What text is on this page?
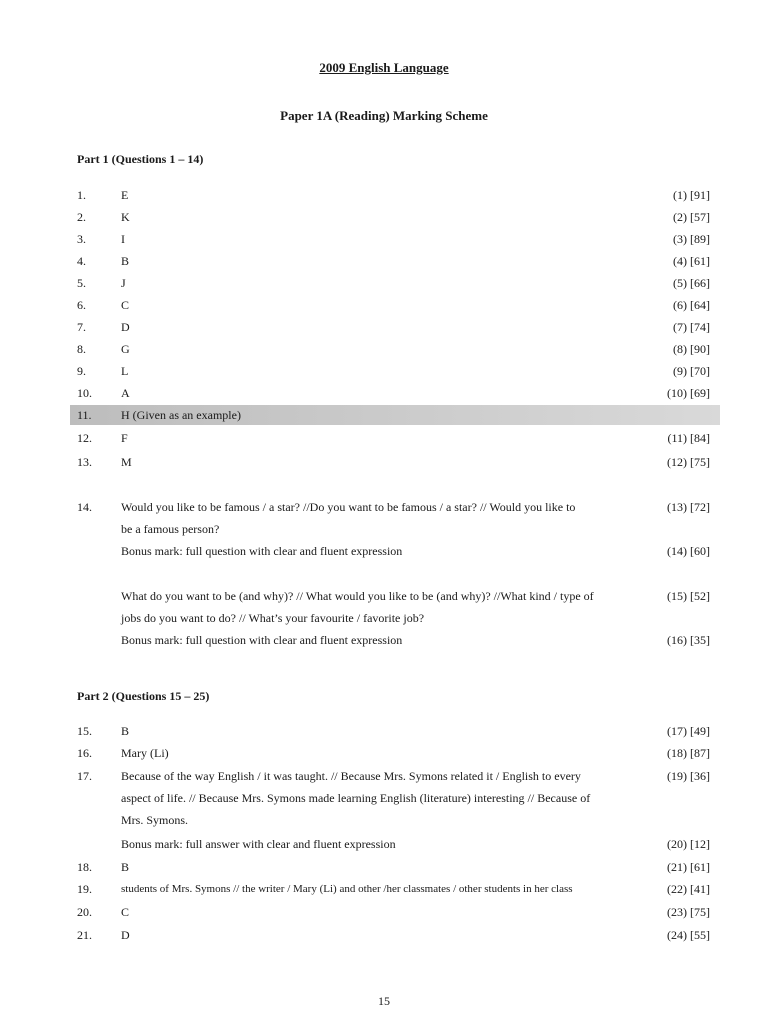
2009 English Language
Paper 1A (Reading) Marking Scheme
Part 1 (Questions 1 – 14)
1.	E	(1) [91]
2.	K	(2) [57]
3.	I	(3) [89]
4.	B	(4) [61]
5.	J	(5) [66]
6.	C	(6) [64]
7.	D	(7) [74]
8.	G	(8) [90]
9.	L	(9) [70]
10. A	(10) [69]
11. H (Given as an example)
12. F	(11) [84]
13. M	(12) [75]
14. Would you like to be famous / a star? //Do you want to be famous / a star? // Would you like to	(13) [72]
be a famous person?
Bonus mark: full question with clear and fluent expression	(14) [60]
What do you want to be (and why)? // What would you like to be (and why)? //What kind / type of	(15) [52]
jobs do you want to do? // What’s your favourite / favorite job?
Bonus mark: full question with clear and fluent expression	(16) [35]
Part 2 (Questions 15 – 25)
15. B	(17) [49]
16. Mary (Li)	(18) [87]
17. Because of the way English / it was taught. // Because Mrs. Symons related it / English to every	(19) [36]
aspect of life. // Because Mrs. Symons made learning English (literature) interesting // Because of
Mrs. Symons.
Bonus mark: full answer with clear and fluent expression	(20) [12]
18. B	(21) [61]
19.	students of Mrs. Symons // the writer / Mary (Li) and other /her classmates / other students in her class	(22) [41]
20. C	(23) [75]
21. D	(24) [55]
15
